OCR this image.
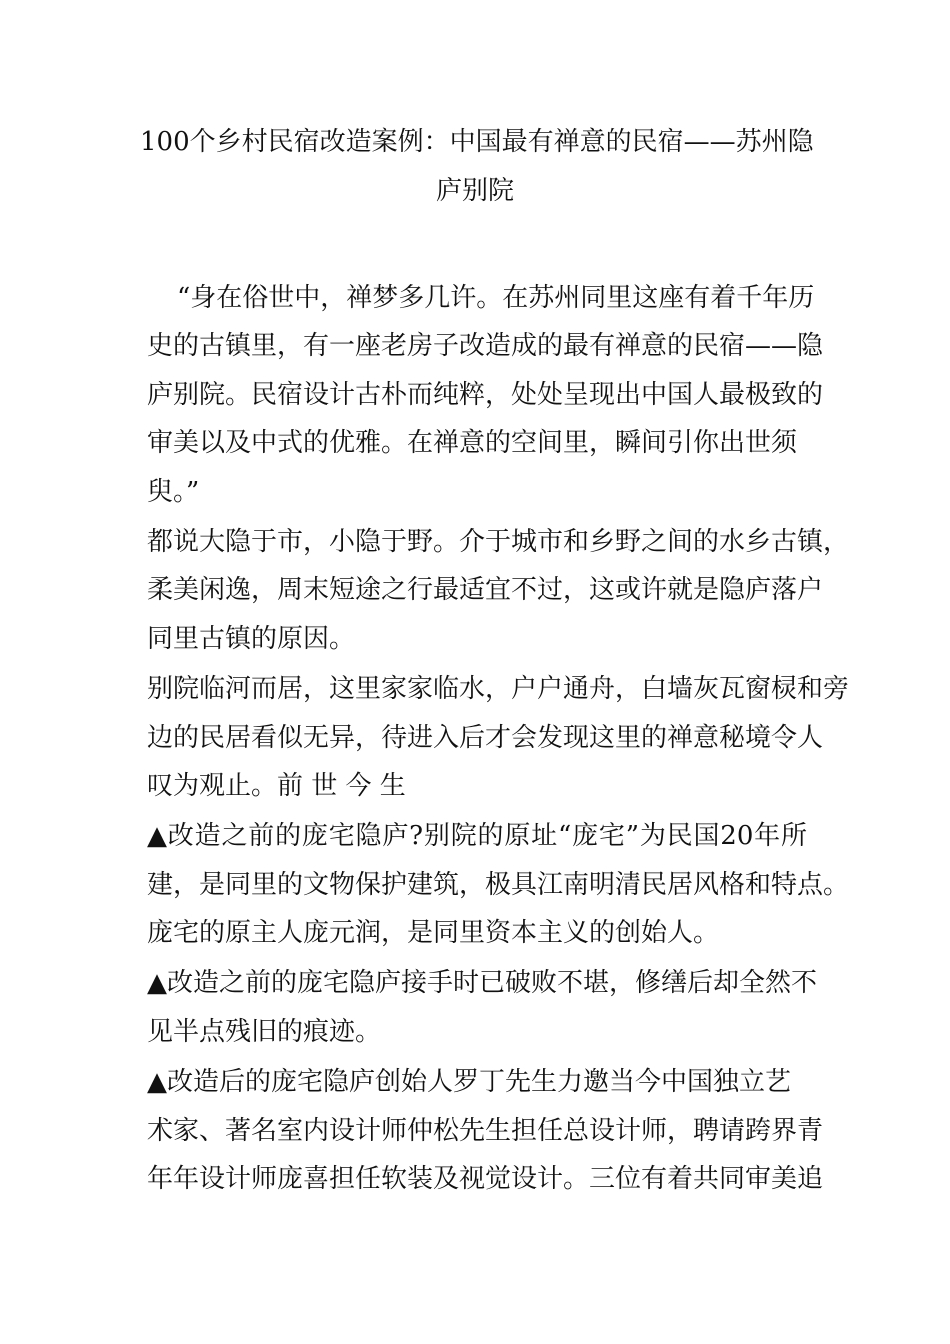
100个乡村民宿改造案例：中国最有禅意的民宿——苏州隐
庐别院
“身在俗世中，禅梦多几许。在苏州同里这座有着千年历
史的古镇里，有一座老房子改造成的最有禅意的民宿——隐
庐别院。民宿设计古朴而纯粹，处处呈现出中国人最极致的
审美以及中式的优雅。在禅意的空间里，瞬间引你出世须
臾。”
都说大隐于市，小隐于野。介于城市和乡野之间的水乡古镇，
柔美闲逸，周末短途之行最适宜不过，这或许就是隐庐落户
同里古镇的原因。
别院临河而居，这里家家临水，户户通舟，白墙灰瓦窗棂和旁
边的民居看似无异，待进入后才会发现这里的禅意秘境令人
叹为观止。前 世 今 生
▲改造之前的庞宅隐庐?别院的原址“庞宅”为民国20年所
建，是同里的文物保护建筑，极具江南明清民居风格和特点。
庞宅的原主人庞元润，是同里资本主义的创始人。
▲改造之前的庞宅隐庐接手时已破败不堪，修缮后却全然不
见半点残旧的痕迹。
▲改造后的庞宅隐庐创始人罗丁先生力邀当今中国独立艺
术家、著名室内设计师仲松先生担任总设计师，聘请跨界青
年年设计师庞喜担任软装及视觉设计。三位有着共同审美追
